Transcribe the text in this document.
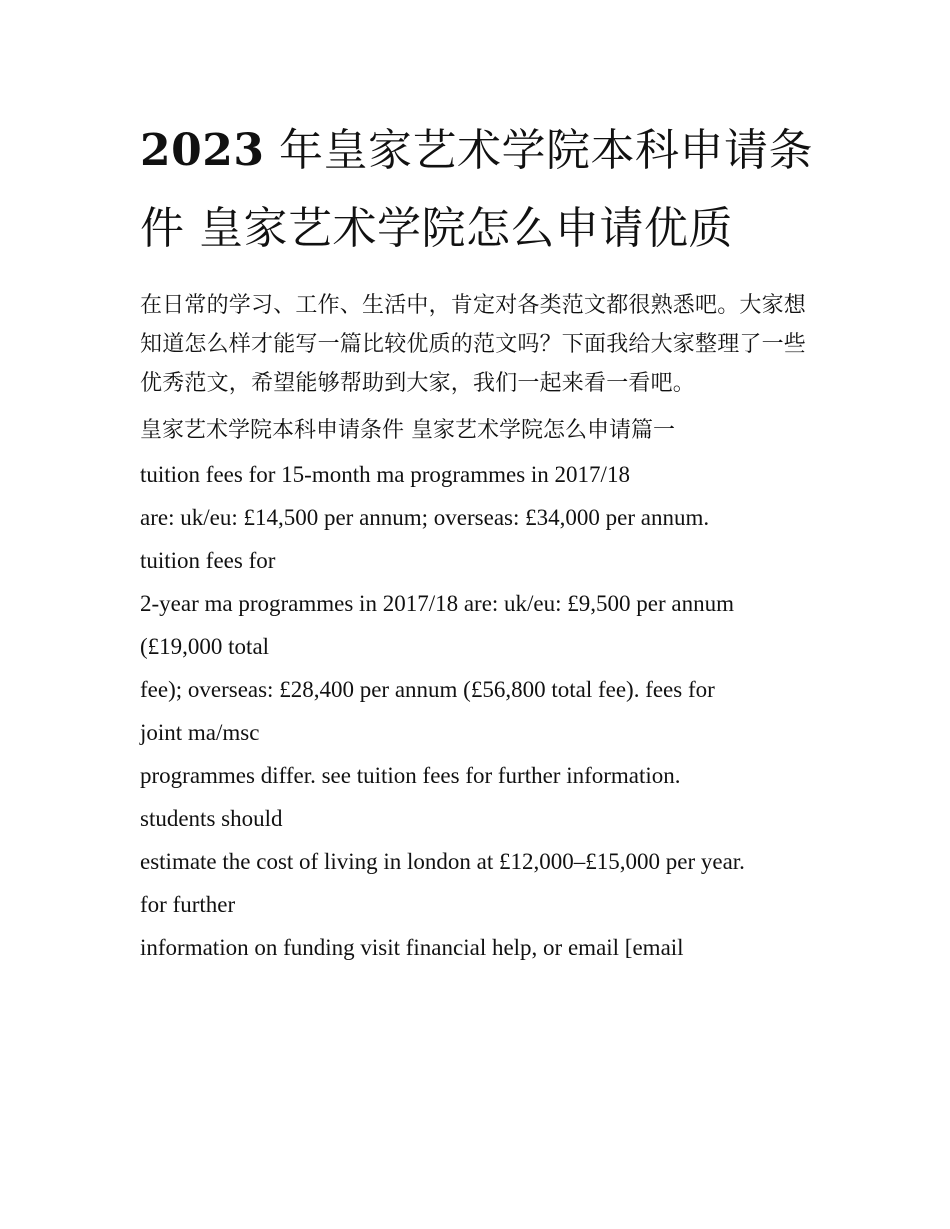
2023 年皇家艺术学院本科申请条件 皇家艺术学院怎么申请优质

在日常的学习、工作、生活中，肯定对各类范文都很熟悉吧。大家想知道怎么样才能写一篇比较优质的范文吗？下面我给大家整理了一些优秀范文，希望能够帮助到大家，我们一起来看一看吧。

皇家艺术学院本科申请条件 皇家艺术学院怎么申请篇一
tuition fees for 15-month ma programmes in 2017/18
are: uk/eu: £14,500 per annum; overseas: £34,000 per annum.
tuition fees for
2-year ma programmes in 2017/18 are: uk/eu: £9,500 per annum
(£19,000 total
fee); overseas: £28,400 per annum (£56,800 total fee). fees for
joint ma/msc
programmes differ. see tuition fees for further information.
students should
estimate the cost of living in london at £12,000–£15,000 per year.
for further
information on funding visit financial help, or email [email
